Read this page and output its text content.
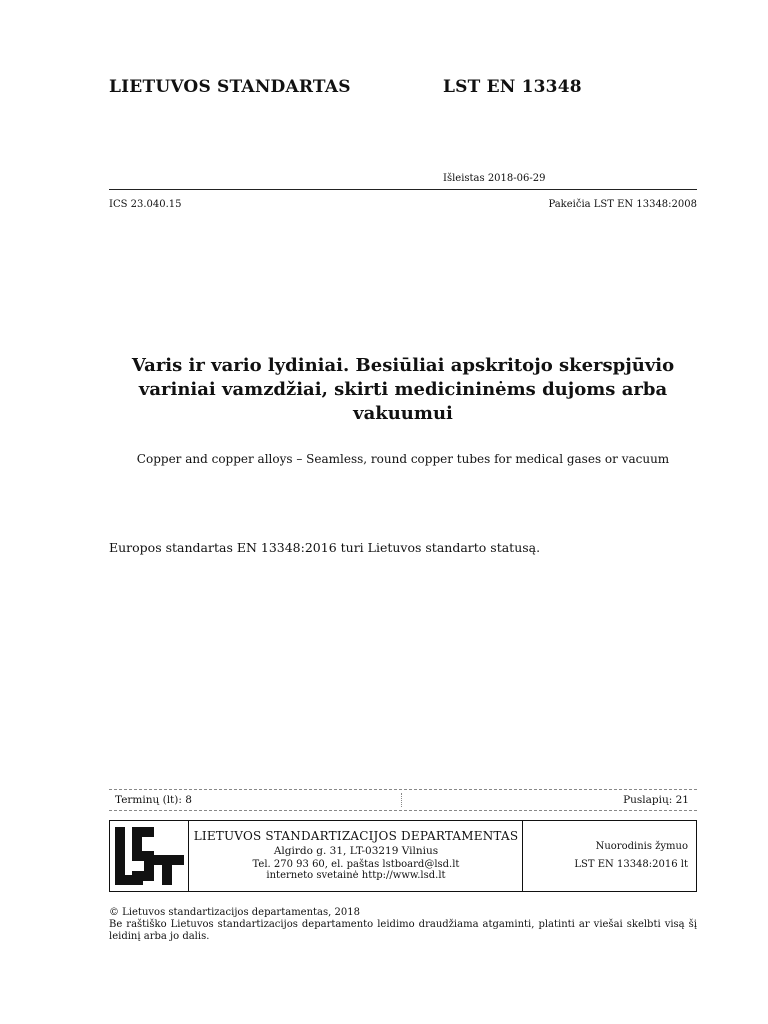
LIETUVOS STANDARTAS	LST EN 13348
Išleistas 2018-06-29
ICS 23.040.15	Pakeičia LST EN 13348:2008
Varis ir vario lydiniai. Besiūliai apskritojo skerspjūvio
variniai vamzdžiai, skirti medicininėms dujoms arba
vakuumui
Copper and copper alloys – Seamless, round copper tubes for medical gases or vacuum
Europos standartas EN 13348:2016 turi Lietuvos standarto statusą.
Terminų (lt): 8	Puslapių: 21
LIETUVOS STANDARTIZACIJOS DEPARTAMENTAS
Algirdo g. 31, LT-03219 Vilnius
Tel. 270 93 60, el. paštas lstboard@lsd.lt
interneto svetainė http://www.lsd.lt
Nuorodinis žymuo
LST EN 13348:2016 lt
© Lietuvos standartizacijos departamentas, 2018
Be raštiško Lietuvos standartizacijos departamento leidimo draudžiama atgaminti, platinti ar viešai skelbti visą šį leidinį arba jo dalis.
